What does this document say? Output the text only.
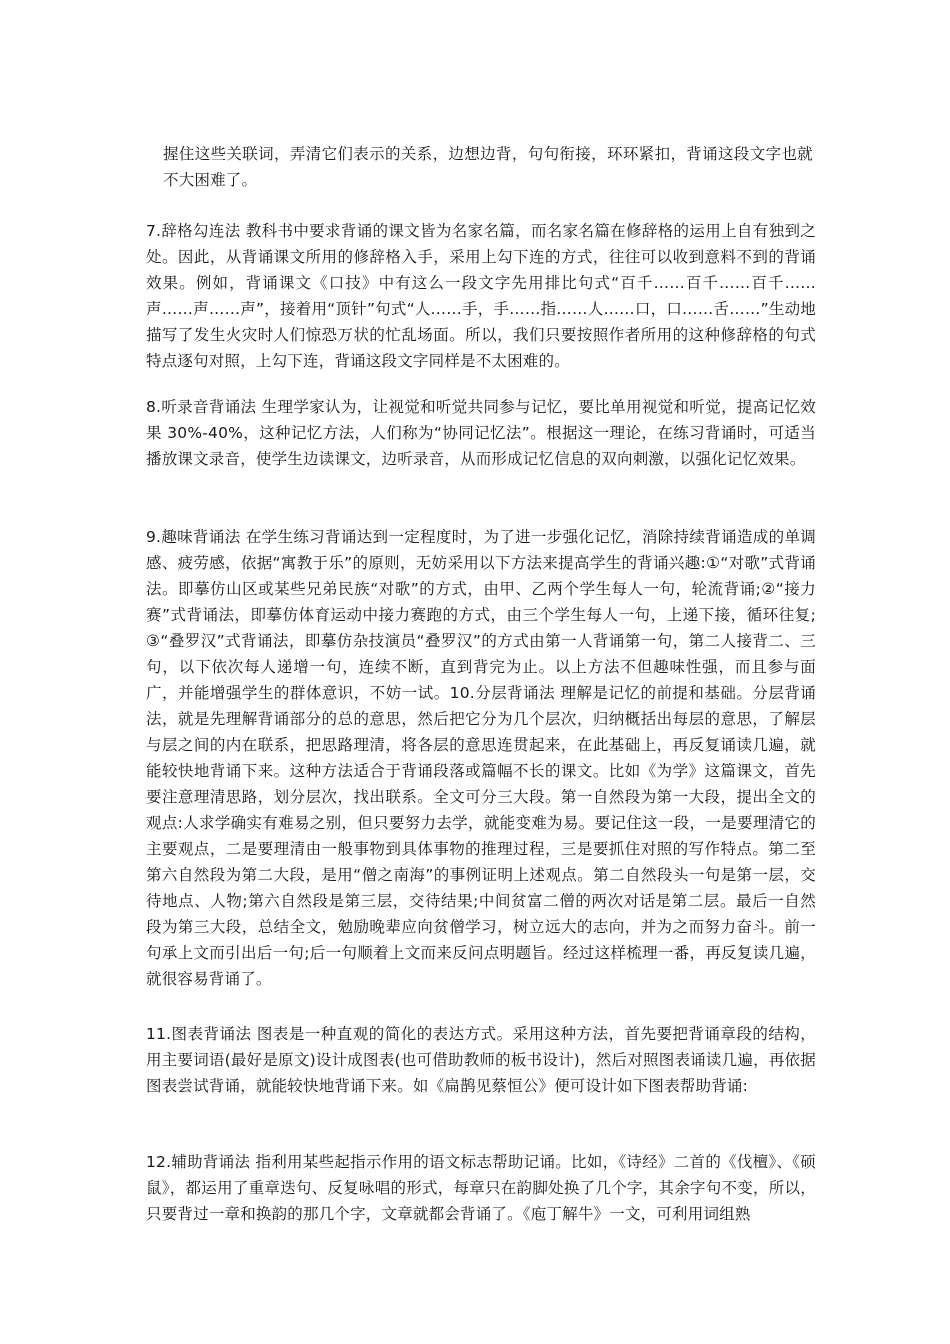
握住这些关联词，弄清它们表示的关系，边想边背，句句衔接，环环紧扣，背诵这段文字也就不大困难了。

7.辞格勾连法 教科书中要求背诵的课文皆为名家名篇，而名家名篇在修辞格的运用上自有独到之处。因此，从背诵课文所用的修辞格入手，采用上勾下连的方式，往往可以收到意料不到的背诵效果。例如，背诵课文《口技》中有这么一段文字先用排比句式“百千……百千……百千……声……声……声”，接着用“顶针”句式“人……手，手……指……人……口，口……舌……”生动地描写了发生火灾时人们惊恐万状的忙乱场面。所以，我们只要按照作者所用的这种修辞格的句式特点逐句对照，上勾下连，背诵这段文字同样是不太困难的。

8.听录音背诵法 生理学家认为，让视觉和听觉共同参与记忆，要比单用视觉和听觉，提高记忆效果 30%-40%，这种记忆方法，人们称为“协同记忆法”。根据这一理论，在练习背诵时，可适当播放课文录音，使学生边读课文，边听录音，从而形成记忆信息的双向刺激，以强化记忆效果。

9.趣味背诵法 在学生练习背诵达到一定程度时，为了进一步强化记忆，消除持续背诵造成的单调感、疲劳感，依据“寓教于乐”的原则，无妨采用以下方法来提高学生的背诵兴趣:①“对歌”式背诵法。即摹仿山区或某些兄弟民族“对歌”的方式，由甲、乙两个学生每人一句，轮流背诵;②“接力赛”式背诵法，即摹仿体育运动中接力赛跑的方式，由三个学生每人一句，上递下接，循环往复;③“叠罗汉”式背诵法，即摹仿杂技演员“叠罗汉”的方式由第一人背诵第一句，第二人接背二、三句，以下依次每人递增一句，连续不断，直到背完为止。以上方法不但趣味性强，而且参与面广，并能增强学生的群体意识，不妨一试。10.分层背诵法 理解是记忆的前提和基础。分层背诵法，就是先理解背诵部分的总的意思，然后把它分为几个层次，归纳概括出每层的意思，了解层与层之间的内在联系，把思路理清，将各层的意思连贯起来，在此基础上，再反复诵读几遍，就能较快地背诵下来。这种方法适合于背诵段落或篇幅不长的课文。比如《为学》这篇课文，首先要注意理清思路，划分层次，找出联系。全文可分三大段。第一自然段为第一大段，提出全文的观点:人求学确实有难易之别，但只要努力去学，就能变难为易。要记住这一段，一是要理清它的主要观点，二是要理清由一般事物到具体事物的推理过程，三是要抓住对照的写作特点。第二至第六自然段为第二大段，是用“僧之南海”的事例证明上述观点。第二自然段头一句是第一层，交待地点、人物;第六自然段是第三层，交待结果;中间贫富二僧的两次对话是第二层。最后一自然段为第三大段，总结全文，勉励晚辈应向贫僧学习，树立远大的志向，并为之而努力奋斗。前一句承上文而引出后一句;后一句顺着上文而来反问点明题旨。经过这样梳理一番，再反复读几遍，就很容易背诵了。

11.图表背诵法 图表是一种直观的简化的表达方式。采用这种方法，首先要把背诵章段的结构，用主要词语(最好是原文)设计成图表(也可借助教师的板书设计)，然后对照图表诵读几遍，再依据图表尝试背诵，就能较快地背诵下来。如《扁鹊见蔡恒公》便可设计如下图表帮助背诵:

12.辅助背诵法 指利用某些起指示作用的语文标志帮助记诵。比如，《诗经》二首的《伐檀》、《硕鼠》，都运用了重章迭句、反复咏唱的形式，每章只在韵脚处换了几个字，其余字句不变，所以，只要背过一章和换韵的那几个字，文章就都会背诵了。《庖丁解牛》一文，可利用词组熟
